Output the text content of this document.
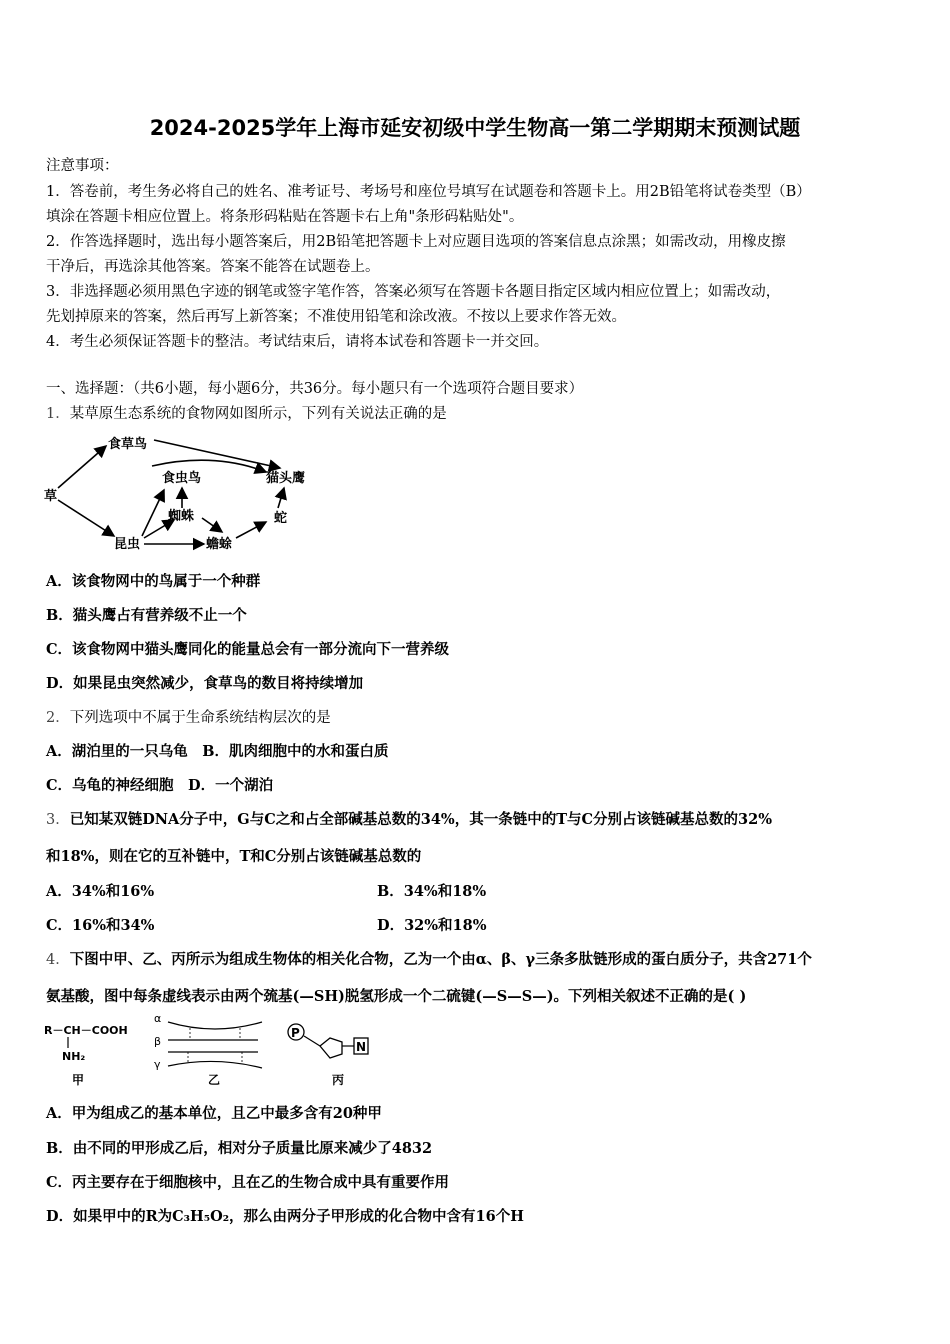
2024-2025学年上海市延安初级中学生物高一第二学期期末预测试题
注意事项：
1．答卷前，考生务必将自己的姓名、准考证号、考场号和座位号填写在试题卷和答题卡上。用2B铅笔将试卷类型（B）
填涂在答题卡相应位置上。将条形码粘贴在答题卡右上角"条形码粘贴处"。
2．作答选择题时，选出每小题答案后，用2B铅笔把答题卡上对应题目选项的答案信息点涂黑；如需改动，用橡皮擦
干净后，再选涂其他答案。答案不能答在试题卷上。
3．非选择题必须用黑色字迹的钢笔或签字笔作答，答案必须写在答题卡各题目指定区域内相应位置上；如需改动，
先划掉原来的答案，然后再写上新答案；不准使用铅笔和涂改液。不按以上要求作答无效。
4．考生必须保证答题卡的整洁。考试结束后，请将本试卷和答题卡一并交回。
一、选择题：（共6小题，每小题6分，共36分。每小题只有一个选项符合题目要求）
1．某草原生态系统的食物网如图所示，下列有关说法正确的是
草
食草鸟
食虫鸟	猫头鹰
蜘蛛	蛇
昆虫	蟾蜍
A．该食物网中的鸟属于一个种群
B．猫头鹰占有营养级不止一个
C．该食物网中猫头鹰同化的能量总会有一部分流向下一营养级
D．如果昆虫突然减少，食草鸟的数目将持续增加
2．下列选项中不属于生命系统结构层次的是
A．湖泊里的一只乌龟　B．肌肉细胞中的水和蛋白质
C．乌龟的神经细胞　D．一个湖泊
3．已知某双链DNA分子中，G与C之和占全部碱基总数的34%，其一条链中的T与C分别占该链碱基总数的32%
和18%，则在它的互补链中，T和C分别占该链碱基总数的
A．34%和16%	B．34%和18%
C．16%和34%	D．32%和18%
4．下图中甲、乙、丙所示为组成生物体的相关化合物，乙为一个由α、β、γ三条多肽链形成的蛋白质分子，共含271个
氨基酸，图中每条虚线表示由两个巯基(—SH)脱氢形成一个二硫键(—S—S—)。下列相关叙述不正确的是( )
R－CH－COOH
NH₂
甲
α
β
γ
乙
P
N
丙
A．甲为组成乙的基本单位，且乙中最多含有20种甲
B．由不同的甲形成乙后，相对分子质量比原来减少了4832
C．丙主要存在于细胞核中，且在乙的生物合成中具有重要作用
D．如果甲中的R为C₃H₅O₂，那么由两分子甲形成的化合物中含有16个H
